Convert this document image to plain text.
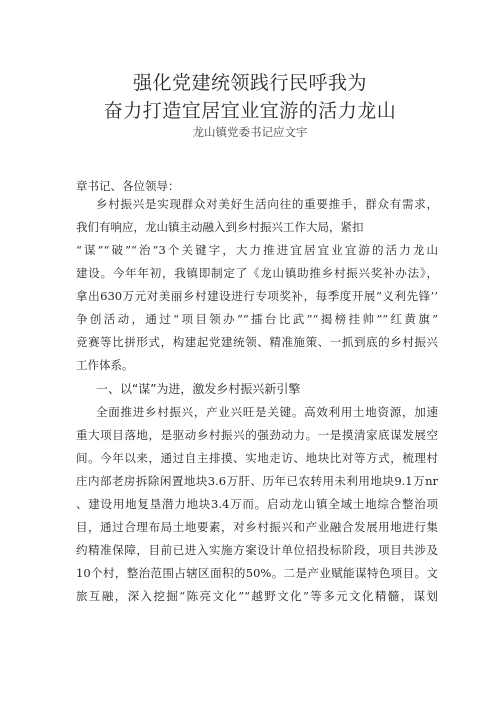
强化党建统领践行民呼我为
奋力打造宜居宜业宜游的活力龙山
龙山镇党委书记应文宇
章书记、各位领导：
乡村振兴是实现群众对美好生活向往的重要推手，群众有需求，
我们有响应，龙山镇主动融入到乡村振兴工作大局，紧扣
“谋”“破”“治”3个关键字，大力推进宜居宜业宜游的活力龙山
建设。今年年初，我镇即制定了《龙山镇助推乡村振兴奖补办法》，
拿出630万元对美丽乡村建设进行专项奖补，每季度开展“义利先锋’’
争创活动，通过“项目领办”“擂台比武”“揭榜挂帅”“红黄旗”
竞赛等比拼形式，构建起党建统领、精准施策、一抓到底的乡村振兴
工作体系。
一、以“谋”为进，激发乡村振兴新引擎
全面推进乡村振兴，产业兴旺是关键。高效利用土地资源，加速
重大项目落地，是驱动乡村振兴的强劲动力。一是摸清家底谋发展空
间。今年以来，通过自主排摸、实地走访、地块比对等方式，梳理村
庄内部老房拆除闲置地块3.6万肝、历年已农转用未利用地块9.1万nr
、建设用地复垦潜力地块3.4万而。启动龙山镇全域土地综合整治项
目，通过合理布局土地要素，对乡村振兴和产业融合发展用地进行集
约精准保障，目前已进入实施方案设计单位招投标阶段，项目共涉及
10个村，整治范围占辖区面积的50%。二是产业赋能谋特色项目。文
旅互融，深入挖掘“陈亮文化”“越野文化”等多元文化精髓，谋划
